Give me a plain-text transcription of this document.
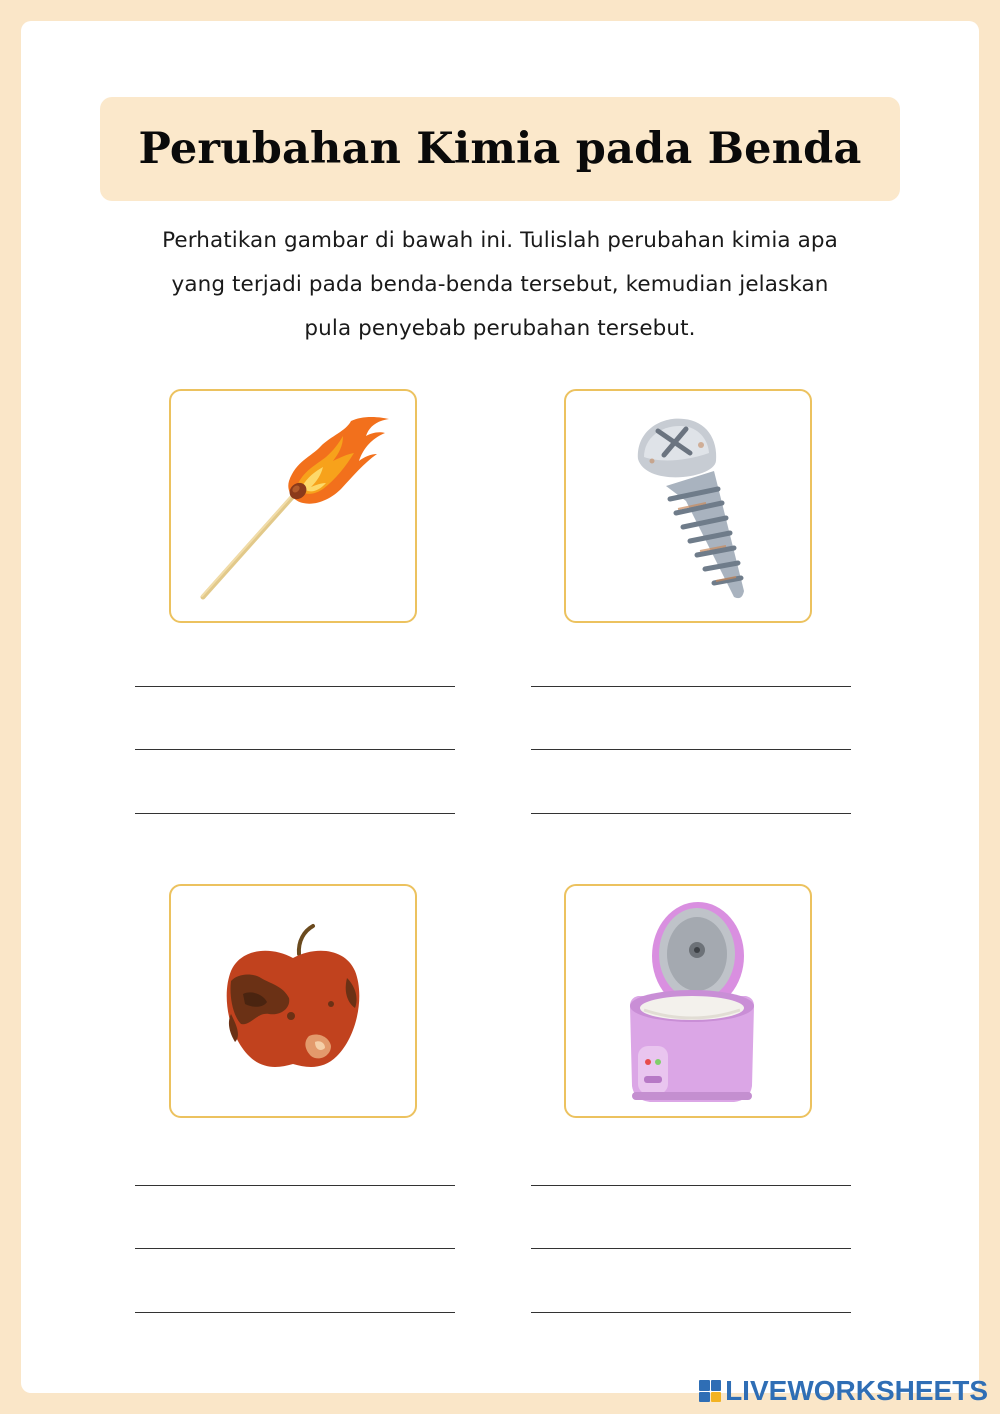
Perubahan Kimia pada Benda

Perhatikan gambar di bawah ini. Tulislah perubahan kimia apa
yang terjadi pada benda-benda tersebut, kemudian jelaskan
pula penyebab perubahan tersebut.

LIVEWORKSHEETS
